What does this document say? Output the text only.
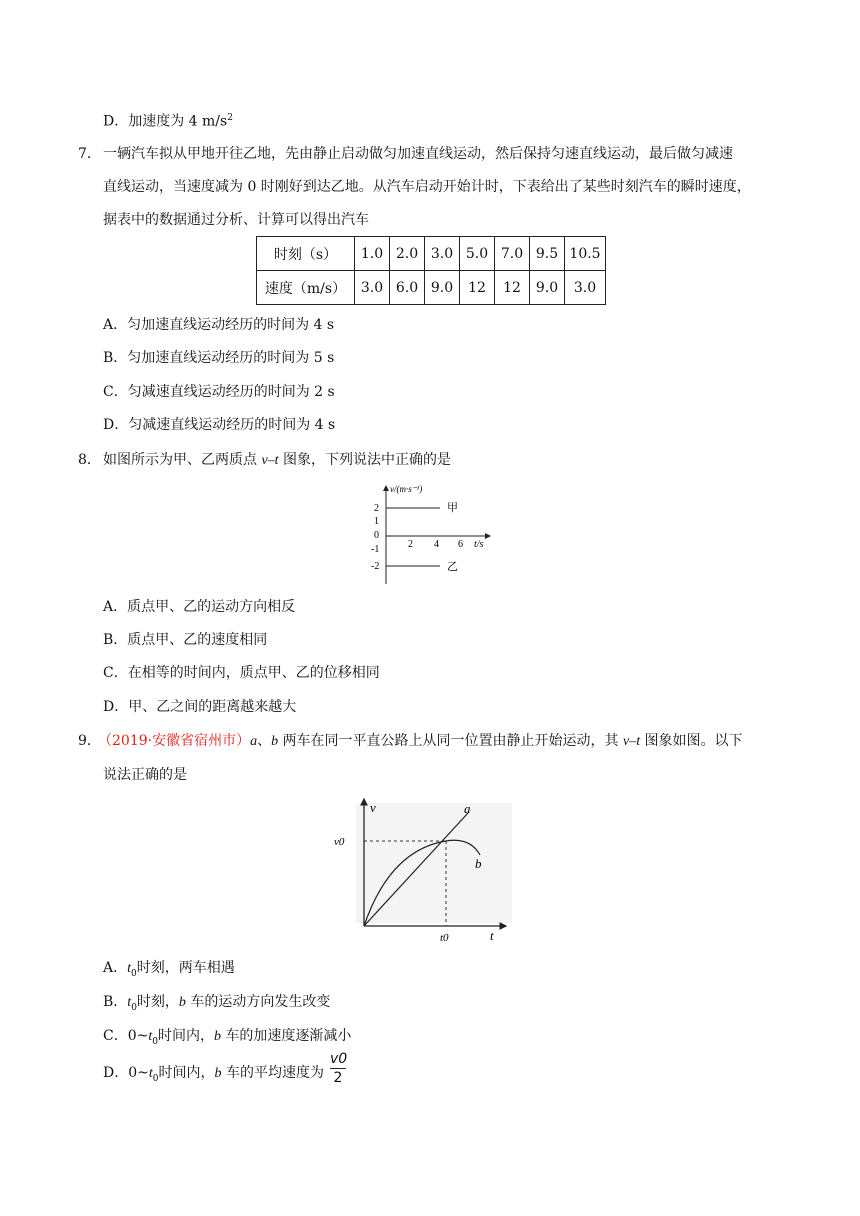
D．加速度为 4 $m/s^2$
7． 一辆汽车拟从甲地开往乙地，先由静止启动做匀加速直线运动，然后保持匀速直线运动，最后做匀减速
直线运动，当速度减为 0 时刚好到达乙地。从汽车启动开始计时，下表给出了某些时刻汽车的瞬时速度，
据表中的数据通过分析、计算可以得出汽车
时刻（s）	1.0	2.0	3.0	5.0	7.0	9.5	10.5
速度（m/s）	3.0	6.0	9.0	12	12	9.0	3.0
A．匀加速直线运动经历的时间为 4 s
B．匀加速直线运动经历的时间为 5 s
C．匀减速直线运动经历的时间为 2 s
D．匀减速直线运动经历的时间为 4 s
8． 如图所示为甲、乙两质点 v–t 图象，下列说法中正确的是
v/(m·s⁻¹)
t/s
2
1
0
-1
-2
2 4 6
甲
乙
A．质点甲、乙的运动方向相反
B．质点甲、乙的速度相同
C．在相等的时间内，质点甲、乙的位移相同
D．甲、乙之间的距离越来越大
9．
（2019·安徽省宿州市）a、b 两车在同一平直公路上从同一位置由静止开始运动，其 v–t 图象如图。以下
说法正确的是
v
t
v0
t0
a
b
A．$t_0$时刻，两车相遇
B．$t_0$时刻，b 车的运动方向发生改变
C．$0\sim t_0$时间内，b 车的加速度逐渐减小
D．$0\sim t_0$时间内，b 车的平均速度为
v0
2
